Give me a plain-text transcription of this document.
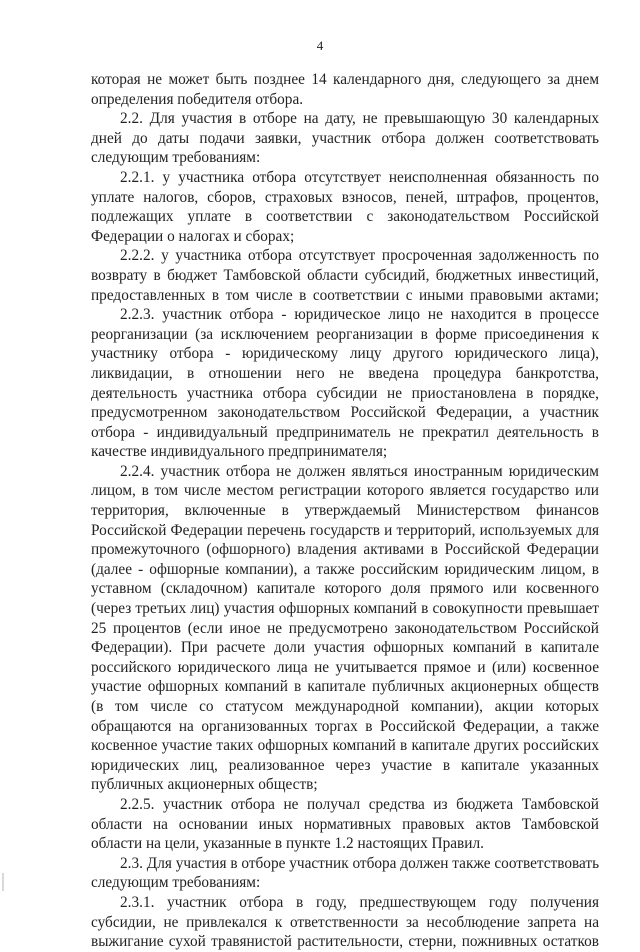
4
которая не может быть позднее 14 календарного дня, следующего за днем
определения победителя отбора.
2.2. Для участия в отборе на дату, не превышающую 30 календарных
дней до даты подачи заявки, участник отбора должен соответствовать
следующим требованиям:
2.2.1. у участника отбора отсутствует неисполненная обязанность по
уплате налогов, сборов, страховых взносов, пеней, штрафов, процентов,
подлежащих уплате в соответствии с законодательством Российской
Федерации о налогах и сборах;
2.2.2. у участника отбора отсутствует просроченная задолженность по
возврату в бюджет Тамбовской области субсидий, бюджетных инвестиций,
предоставленных в том числе в соответствии с иными правовыми актами;
2.2.3. участник отбора - юридическое лицо не находится в процессе
реорганизации (за исключением реорганизации в форме присоединения к
участнику отбора - юридическому лицу другого юридического лица),
ликвидации, в отношении него не введена процедура банкротства,
деятельность участника отбора субсидии не приостановлена в порядке,
предусмотренном законодательством Российской Федерации, а участник
отбора - индивидуальный предприниматель не прекратил деятельность в
качестве индивидуального предпринимателя;
2.2.4. участник отбора не должен являться иностранным юридическим
лицом, в том числе местом регистрации которого является государство или
территория, включенные в утверждаемый Министерством финансов
Российской Федерации перечень государств и территорий, используемых для
промежуточного (офшорного) владения активами в Российской Федерации
(далее - офшорные компании), а также российским юридическим лицом, в
уставном (складочном) капитале которого доля прямого или косвенного
(через третьих лиц) участия офшорных компаний в совокупности превышает
25 процентов (если иное не предусмотрено законодательством Российской
Федерации). При расчете доли участия офшорных компаний в капитале
российского юридического лица не учитывается прямое и (или) косвенное
участие офшорных компаний в капитале публичных акционерных обществ
(в том числе со статусом международной компании), акции которых
обращаются на организованных торгах в Российской Федерации, а также
косвенное участие таких офшорных компаний в капитале других российских
юридических лиц, реализованное через участие в капитале указанных
публичных акционерных обществ;
2.2.5. участник отбора не получал средства из бюджета Тамбовской
области на основании иных нормативных правовых актов Тамбовской
области на цели, указанные в пункте 1.2 настоящих Правил.
2.3. Для участия в отборе участник отбора должен также соответствовать
следующим требованиям:
2.3.1. участник отбора в году, предшествующем году получения
субсидии, не привлекался к ответственности за несоблюдение запрета на
выжигание сухой травянистой растительности, стерни, пожнивных остатков
